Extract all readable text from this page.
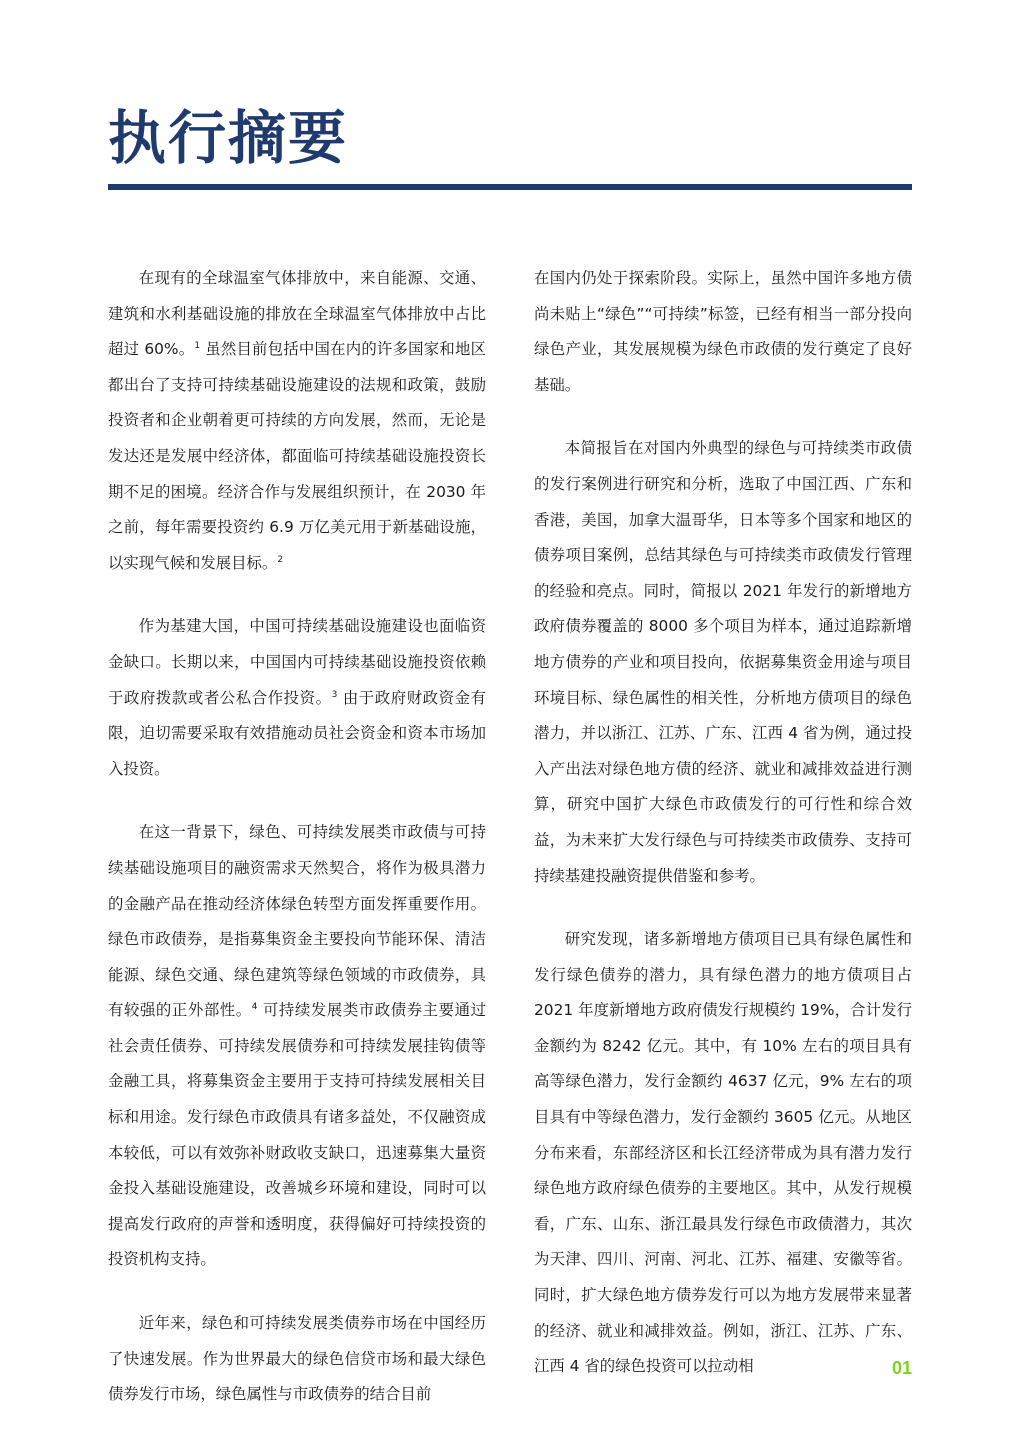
执行摘要

在现有的全球温室气体排放中，来自能源、交通、建筑和水利基础设施的排放在全球温室气体排放中占比超过 60%。$^1$ 虽然目前包括中国在内的许多国家和地区都出台了支持可持续基础设施建设的法规和政策，鼓励投资者和企业朝着更可持续的方向发展，然而，无论是发达还是发展中经济体，都面临可持续基础设施投资长期不足的困境。经济合作与发展组织预计，在 2030 年之前，每年需要投资约 6.9 万亿美元用于新基础设施，以实现气候和发展目标。$^2$

作为基建大国，中国可持续基础设施建设也面临资金缺口。长期以来，中国国内可持续基础设施投资依赖于政府拨款或者公私合作投资。$^3$ 由于政府财政资金有限，迫切需要采取有效措施动员社会资金和资本市场加入投资。

在这一背景下，绿色、可持续发展类市政债与可持续基础设施项目的融资需求天然契合，将作为极具潜力的金融产品在推动经济体绿色转型方面发挥重要作用。绿色市政债券，是指募集资金主要投向节能环保、清洁能源、绿色交通、绿色建筑等绿色领域的市政债券，具有较强的正外部性。$^4$ 可持续发展类市政债券主要通过社会责任债券、可持续发展债券和可持续发展挂钩债等金融工具，将募集资金主要用于支持可持续发展相关目标和用途。发行绿色市政债具有诸多益处，不仅融资成本较低，可以有效弥补财政收支缺口，迅速募集大量资金投入基础设施建设，改善城乡环境和建设，同时可以提高发行政府的声誉和透明度，获得偏好可持续投资的投资机构支持。

近年来，绿色和可持续发展类债券市场在中国经历了快速发展。作为世界最大的绿色信贷市场和最大绿色债券发行市场，绿色属性与市政债券的结合目前

在国内仍处于探索阶段。实际上，虽然中国许多地方债尚未贴上“绿色”“可持续”标签，已经有相当一部分投向绿色产业，其发展规模为绿色市政债的发行奠定了良好基础。

本简报旨在对国内外典型的绿色与可持续类市政债的发行案例进行研究和分析，选取了中国江西、广东和香港，美国，加拿大温哥华，日本等多个国家和地区的债券项目案例，总结其绿色与可持续类市政债发行管理的经验和亮点。同时，简报以 2021 年发行的新增地方政府债券覆盖的 8000 多个项目为样本，通过追踪新增地方债券的产业和项目投向，依据募集资金用途与项目环境目标、绿色属性的相关性，分析地方债项目的绿色潜力，并以浙江、江苏、广东、江西 4 省为例，通过投入产出法对绿色地方债的经济、就业和减排效益进行测算，研究中国扩大绿色市政债发行的可行性和综合效益，为未来扩大发行绿色与可持续类市政债券、支持可持续基建投融资提供借鉴和参考。

研究发现，诸多新增地方债项目已具有绿色属性和发行绿色债券的潜力，具有绿色潜力的地方债项目占 2021 年度新增地方政府债发行规模约 19%，合计发行金额约为 8242 亿元。其中，有 10% 左右的项目具有高等绿色潜力，发行金额约 4637 亿元，9% 左右的项目具有中等绿色潜力，发行金额约 3605 亿元。从地区分布来看，东部经济区和长江经济带成为具有潜力发行绿色地方政府绿色债券的主要地区。其中，从发行规模看，广东、山东、浙江最具发行绿色市政债潜力，其次为天津、四川、河南、河北、江苏、福建、安徽等省。同时，扩大绿色地方债券发行可以为地方发展带来显著的经济、就业和减排效益。例如，浙江、江苏、广东、江西 4 省的绿色投资可以拉动相	01
